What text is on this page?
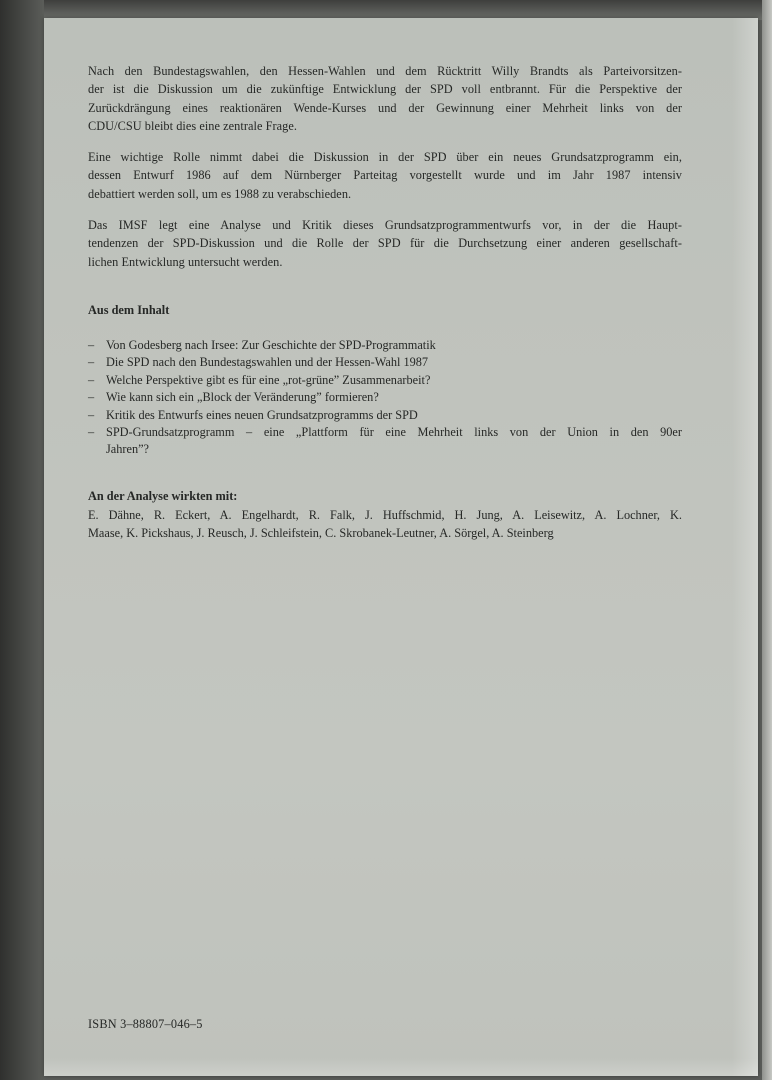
Nach den Bundestagswahlen, den Hessen-Wahlen und dem Rücktritt Willy Brandts als Parteivorsitzen-
der ist die Diskussion um die zukünftige Entwicklung der SPD voll entbrannt. Für die Perspektive der
Zurückdrängung eines reaktionären Wende-Kurses und der Gewinnung einer Mehrheit links von der
CDU/CSU bleibt dies eine zentrale Frage.

Eine wichtige Rolle nimmt dabei die Diskussion in der SPD über ein neues Grundsatzprogramm ein,
dessen Entwurf 1986 auf dem Nürnberger Parteitag vorgestellt wurde und im Jahr 1987 intensiv
debattiert werden soll, um es 1988 zu verabschieden.

Das IMSF legt eine Analyse und Kritik dieses Grundsatzprogrammentwurfs vor, in der die Haupt-
tendenzen der SPD-Diskussion und die Rolle der SPD für die Durchsetzung einer anderen gesellschaft-
lichen Entwicklung untersucht werden.

Aus dem Inhalt
– Von Godesberg nach Irsee: Zur Geschichte der SPD-Programmatik
– Die SPD nach den Bundestagswahlen und der Hessen-Wahl 1987
– Welche Perspektive gibt es für eine „rot-grüne” Zusammenarbeit?
– Wie kann sich ein „Block der Veränderung” formieren?
– Kritik des Entwurfs eines neuen Grundsatzprogramms der SPD
– SPD-Grundsatzprogramm – eine „Plattform für eine Mehrheit links von der Union in den 90er
Jahren”?
An der Analyse wirkten mit:

E. Dähne, R. Eckert, A. Engelhardt, R. Falk, J. Huffschmid, H. Jung, A. Leisewitz, A. Lochner, K.
Maase, K. Pickshaus, J. Reusch, J. Schleifstein, C. Skrobanek-Leutner, A. Sörgel, A. Steinberg

ISBN 3–88807–046–5
